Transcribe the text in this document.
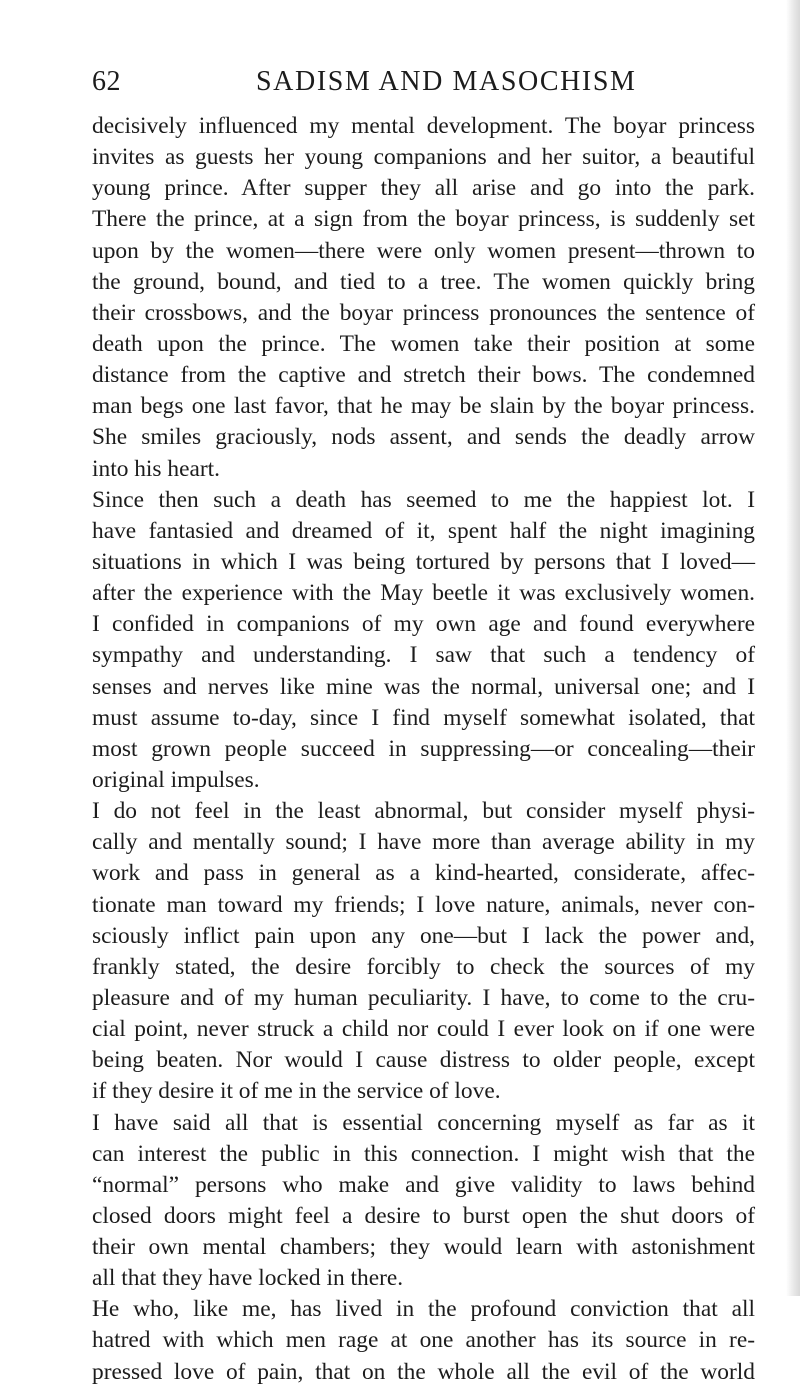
62	SADISM AND MASOCHISM
decisively influenced my mental development. The boyar princess
invites as guests her young companions and her suitor, a beautiful
young prince. After supper they all arise and go into the park.
There the prince, at a sign from the boyar princess, is suddenly set
upon by the women—there were only women present—thrown to
the ground, bound, and tied to a tree. The women quickly bring
their crossbows, and the boyar princess pronounces the sentence of
death upon the prince. The women take their position at some
distance from the captive and stretch their bows. The condemned
man begs one last favor, that he may be slain by the boyar princess.
She smiles graciously, nods assent, and sends the deadly arrow
into his heart.
Since then such a death has seemed to me the happiest lot. I
have fantasied and dreamed of it, spent half the night imagining
situations in which I was being tortured by persons that I loved—
after the experience with the May beetle it was exclusively women.
I confided in companions of my own age and found everywhere
sympathy and understanding. I saw that such a tendency of
senses and nerves like mine was the normal, universal one; and I
must assume to-day, since I find myself somewhat isolated, that
most grown people succeed in suppressing—or concealing—their
original impulses.
I do not feel in the least abnormal, but consider myself physi-
cally and mentally sound; I have more than average ability in my
work and pass in general as a kind-hearted, considerate, affec-
tionate man toward my friends; I love nature, animals, never con-
sciously inflict pain upon any one—but I lack the power and,
frankly stated, the desire forcibly to check the sources of my
pleasure and of my human peculiarity. I have, to come to the cru-
cial point, never struck a child nor could I ever look on if one were
being beaten. Nor would I cause distress to older people, except
if they desire it of me in the service of love.
I have said all that is essential concerning myself as far as it
can interest the public in this connection. I might wish that the
“normal” persons who make and give validity to laws behind
closed doors might feel a desire to burst open the shut doors of
their own mental chambers; they would learn with astonishment
all that they have locked in there.
He who, like me, has lived in the profound conviction that all
hatred with which men rage at one another has its source in re-
pressed love of pain, that on the whole all the evil of the world
